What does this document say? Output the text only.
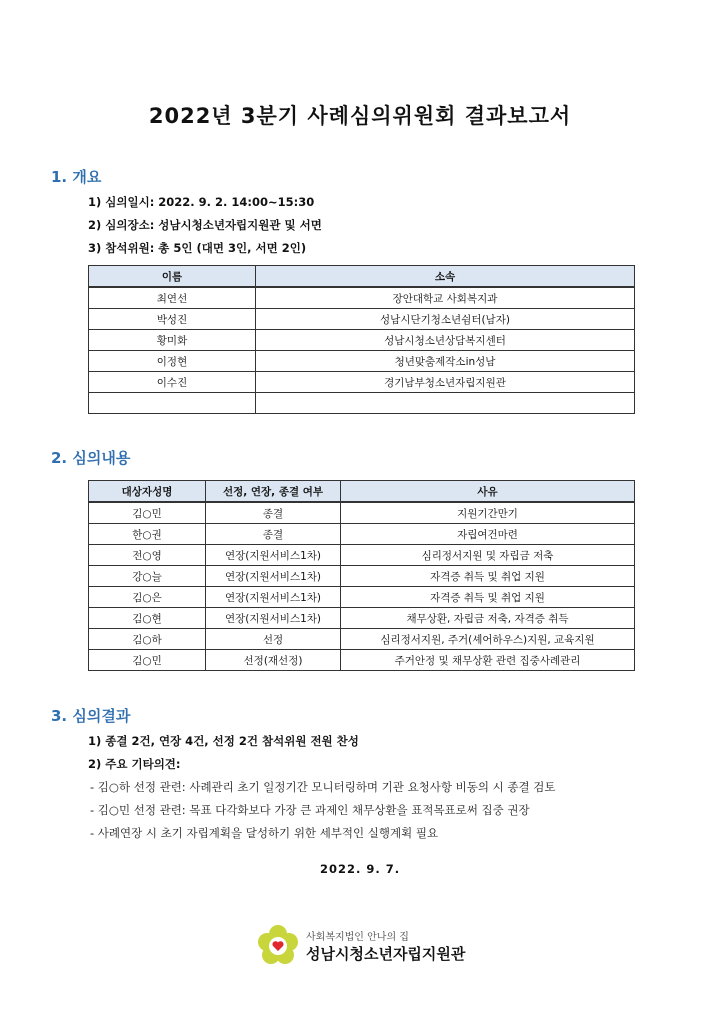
2022년 3분기 사례심의위원회 결과보고서
1. 개요
1) 심의일시: 2022. 9. 2. 14:00~15:30
2) 심의장소: 성남시청소년자립지원관 및 서면
3) 참석위원: 총 5인 (대면 3인, 서면 2인)
이름	소속
최연선	장안대학교 사회복지과
박성진	성남시단기청소년쉼터(남자)
황미화	성남시청소년상담복지센터
이정현	청년맞춤제작소in성남
이수진	경기남부청소년자립지원관

2. 심의내용
대상자성명	선정, 연장, 종결 여부	사유
김○민	종결	지원기간만기
한○권	종결	자립여건마련
전○영	연장(지원서비스1차)	심리정서지원 및 자립금 저축
강○늘	연장(지원서비스1차)	자격증 취득 및 취업 지원
김○은	연장(지원서비스1차)	자격증 취득 및 취업 지원
김○현	연장(지원서비스1차)	채무상환, 자립금 저축, 자격증 취득
김○하	선정	심리정서지원, 주거(셰어하우스)지원, 교육지원
김○민	선정(재선정)	주거안정 및 채무상환 관련 집중사례관리
3. 심의결과
1) 종결 2건, 연장 4건, 선정 2건 참석위원 전원 찬성
2) 주요 기타의견:
- 김○하 선정 관련: 사례관리 초기 일정기간 모니터링하며 기관 요청사항 비동의 시 종결 검토
- 김○민 선정 관련: 목표 다각화보다 가장 큰 과제인 채무상환을 표적목표로써 집중 권장
- 사례연장 시 초기 자립계획을 달성하기 위한 세부적인 실행계획 필요
2022. 9. 7.
사회복지법인 안나의 집
성남시청소년자립지원관
